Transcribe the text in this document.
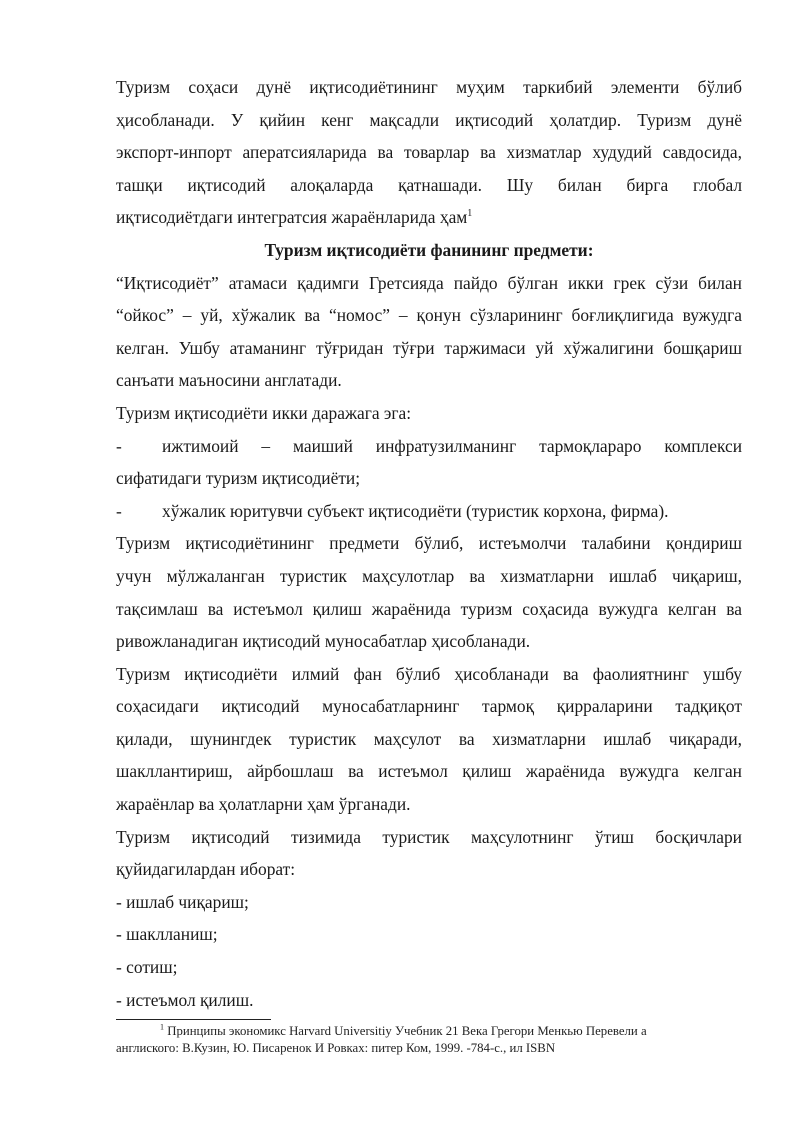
Туризм соҳаси дунё иқтисодиётининг муҳим таркибий элементи бўлиб

ҳисобланади. У қийин кенг мақсадли иқтисодий ҳолатдир. Туризм дунё

экспорт-инпорт аператсияларида ва товарлар ва хизматлар худудий савдосида,

ташқи иқтисодий алоқаларда қатнашади. Шу билан бирга глобал

иқтисодиётдаги интегратсия жараёнларида ҳам$^1$

Туризм иқтисодиёти фанининг предмети:

“Иқтисодиёт” атамаси қадимги Гретсияда пайдо бўлган икки грек сўзи билан

“ойкос” – уй, хўжалик ва “номос” – қонун сўзларининг боғлиқлигида вужудга

келган. Ушбу атаманинг тўғридан тўғри таржимаси уй хўжалигини бошқариш

санъати маъносини англатади.

Туризм иқтисодиёти икки даражага эга:

-	ижтимоий – маиший инфратузилманинг тармоқлараро комплекси
сифатидаги туризм иқтисодиёти;
- хўжалик юритувчи субъект иқтисодиёти (туристик корхона, фирма).

Туризм иқтисодиётининг предмети бўлиб, истеъмолчи талабини қондириш

учун мўлжаланган туристик маҳсулотлар ва хизматларни ишлаб чиқариш,

тақсимлаш ва истеъмол қилиш жараёнида туризм соҳасида вужудга келган ва

ривожланадиган иқтисодий муносабатлар ҳисобланади.

Туризм иқтисодиёти илмий фан бўлиб ҳисобланади ва фаолиятнинг ушбу

соҳасидаги иқтисодий муносабатларнинг тармоқ қирраларини тадқиқот

қилади, шунингдек туристик маҳсулот ва хизматларни ишлаб чиқаради,

шакллантириш, айрбошлаш ва истеъмол қилиш жараёнида вужудга келган

жараёнлар ва ҳолатларни ҳам ўрганади.

Туризм иқтисодий тизимида туристик маҳсулотнинг ўтиш босқичлари

қуйидагилардан иборат:

- ишлаб чиқариш;

- шаклланиш;

- сотиш;

- истеъмол қилиш.

$^1$ Принципы экономикс Harvard Universitiy Учебник 21 Века Грегори Менкью Перевели а
англиского: В.Кузин, Ю. Писаренок И Ровках: питер Ком, 1999. -784-с., ил ISBN
